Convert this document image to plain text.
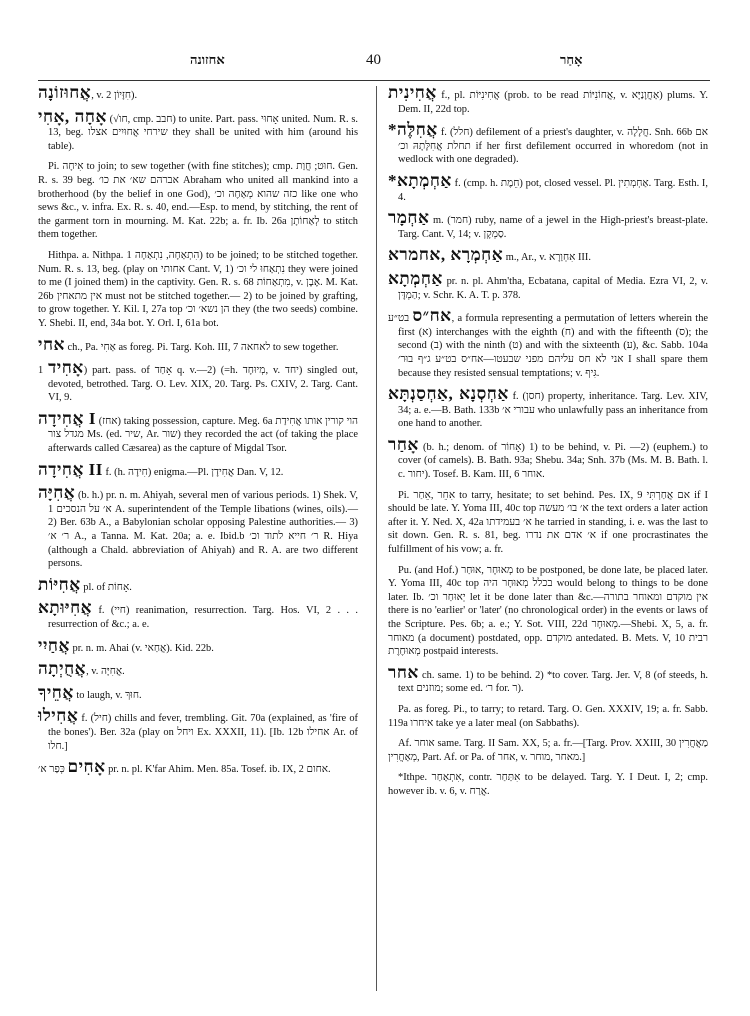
אחזונה	40	אָחַר

אֲחוּזוֹנָה, v. חִזָּיוֹן 2).

אָחָה ,אָחִי (√חו, cmp. חבב) to unite. Part. pass. אָחוּי united. Num. R. s. 13, beg. שירחי אֲחוּיִים אצלו they shall be united with him (around his table).

Pi. אִיחָה to join; to sew together (with fine stitches); cmp. חוּט; חֲוַת. Gen. R. s. 39 beg. אברהם שא׳ את כו׳ Abraham who united all mankind into a brotherhood (by the belief in one God), כזה שהוא מְאַחֶה וכ׳ like one who sews &c., v. infra. Ex. R. s. 40, end.—Esp. to mend, by stitching, the rent of the garment torn in mourning. M. Kat. 22b; a. fr. Ib. 26a לְאַחוֹתָן to stitch them together.

Hithpa. a. Nithpa. הִתְאַחָה, נִתְאַחָה 1) to be joined; to be stitched together. Num. R. s. 13, beg. (play on אחותי Cant. V, 1) נִתְאַחוּ לי וכ׳ they were joined to me (I joined them) in the captivity. Gen. R. s. 68 מִתְאַחוֹת, v. אֶבֶן. M. Kat. 26b אין מתאחין must not be stitched together.— 2) to be joined by grafting, to grow together. Y. Kil. I, 27a top הן נשא׳ וכ׳ they (the two seeds) combine. Y. Shebi. II, end, 34a bot. Y. Orl. I, 61a bot.

אחי ch., Pa. אַחִי as foreg. Pi. Targ. Koh. III, 7 לאחאה to sew together.

אָחִיד 1) part. pass. of אָחַד q. v.—2) (=h. מְיוּחָד, v. יחד) singled out, devoted, betrothed. Targ. O. Lev. XIX, 20. Targ. Ps. CXIV, 2. Targ. Cant. VI, 9.

אֲחִידָה I (אחז) taking possession, capture. Meg. 6a הוי קורין אותו אֲחִידַת מגדל צור Ms. (ed. שיר, Ar. שור) they recorded the act (of taking the place afterwards called Cæsarea) as the capture of Migdal Tsor.

אֲחִידָה II f. (h. חִידָה) enigma.—Pl. אֲחִידָן Dan. V, 12.

אֲחִיָּה (b. h.) pr. n. m. Ahiyah, several men of various periods. 1) Shek. V, 1 א׳ על הנסכים A. superintendent of the Temple libations (wines, oils).—2) Ber. 63b A., a Babylonian scholar opposing Palestine authorities.— 3) ר׳ א׳ A., a Tanna. M. Kat. 20a; a. e. Ibid.b ר׳ חייא לתוד וכ׳ R. Hiya (although a Chald. abbreviation of Ahiyah) and R. A. are two different persons.

אֲחִיּוֹת pl. of אָחוֹת.

אֲחִיּוּתָא f. (חיי) reanimation, resurrection. Targ. Hos. VI, 2 . . . resurrection of &c.; a. e.

אֲחַיִי pr. n. m. Ahai (v. אֲחַאי). Kid. 22b.

אֲחֻיְתָה, v. אֲחִיָּה.

אֲחֵיךָ to laugh, v. חוּךְ.

אֲחִילוּ f. (חיל) chills and fever, trembling. Git. 70a (explained, as 'fire of the bones'). Ber. 32a (play on ויחל Ex. XXXII, 11). [Ib. 12b אחילו Ar. of חלו.]

אָחִים כְּפַר א׳ pr. n. pl. K'far Ahim. Men. 85a. Tosef. ib. IX, 2 אחום.

אֲחִינִית f., pl. אֲחִינִיּוֹת (prob. to be read אֲחוֹנִיּוֹת, v. אַחֲוָנַיָּא) plums. Y. Dem. II, 22d top.

*אֲחִלֶּה f. (חלל) defilement of a priest's daughter, v. חֲלָלָה. Snh. 66b אם תחלת אֲחִלָּתָהּ וכ׳ if her first defilement occurred in whoredom (not in wedlock with one degraded).

*אַחְמְתָא f. (cmp. h. חֵמֶת) pot, closed vessel. Pl. אַחְמְתִין. Targ. Esth. I, 4.

אַחְמָר m. (חמר) ruby, name of a jewel in the High-priest's breast-plate. Targ. Cant. V, 14; v. סַמְקָן.

אַחְמְרָא ,אחמרא m., Ar., v. אִחְוַרָא III.

אַחְמְתָא pr. n. pl. Ahm'tha, Ecbatana, capital of Media. Ezra VI, 2, v. הַמְדָּן; v. Schr. K. A. T. p. 378.

אח״ס בט״ע, a formula representing a permutation of letters wherein the first (א) interchanges with the eighth (ח) and with the fifteenth (ס); the second (ב) with the ninth (ט) and with the sixteenth (ע), &c. Sabb. 104a אני לא חס עליהם מפני שבעטו—אח״ס בט״ע ג״ף בוּר׳ I shall spare them because they resisted sensual temptations; v. גִּיף.

אַחְסְנָא ,אַחְסַנְתָּא f. (חסן) property, inheritance. Targ. Lev. XIV, 34; a. e.—B. Bath. 133b עבורי א׳ who unlawfully pass an inheritance from one hand to another.

אָחַר (b. h.; denom. of אָחוֹר) 1) to be behind, v. Pi. —2) (euphem.) to cover (of camels). B. Bath. 93a; Shebu. 34a; Snh. 37b (Ms. M. B. Bath. l. c. יחור). Tosef. B. Kam. III, 6 אוחר.

Pi. אִחֵר ,אֵחַר to tarry, hesitate; to set behind. Pes. IX, 9 אם אֲחַרְתִּי if I should be late. Y. Yoma III, 40c top א׳ בו׳ מעשה the text orders a later action after it. Y. Ned. X, 42a א׳ בעמידתו he tarried in standing, i. e. was the last to sit down. Gen. R. s. 81, beg. א׳ אדם את נדרו if one procrastinates the fulfillment of his vow; a. fr.

Pu. (and Hof.) מְאוּחָר ,אוּחַר to be postponed, be done late, be placed later. Y. Yoma III, 40c top בכלל מְאוּחָר היה would belong to things to be done later. Ib. יְאוּחַר וכ׳ let it be done later than &c.—אין מוקדם ומאוחר בתורה there is no 'earlier' or 'later' (no chronological order) in the events or laws of the Scripture. Pes. 6b; a. e.; Y. Sot. VIII, 22d מְאוּחָר.—Shebi. X, 5, a. fr. מאוחר (a document) postdated, opp. מוקדם antedated. B. Mets. V, 10 רבית מְאוּחֶרֶת postpaid interests.

אחר ch. same. 1) to be behind. 2) *to cover. Targ. Jer. V, 8 (of steeds, h. text מוזנים; some ed. ר׳ for. ר).

Pa. as foreg. Pi., to tarry; to retard. Targ. O. Gen. XXXIV, 19; a. fr. Sabb. 119a איחרו take ye a later meal (on Sabbaths).

Af. אוחר same. Targ. II Sam. XX, 5; a. fr.—[Targ. Prov. XXIII, 30 מַאֲחֲרִין ,מְאַחֲרִין Part. Af. or Pa. of אחר, v. מאחר ,מוחר.]

*Ithpe. אִתְאַחַר, contr. אִתַּחַר to be delayed. Targ. Y. I Deut. I, 2; cmp. however ib. v. 6, v. אֲרַח.
